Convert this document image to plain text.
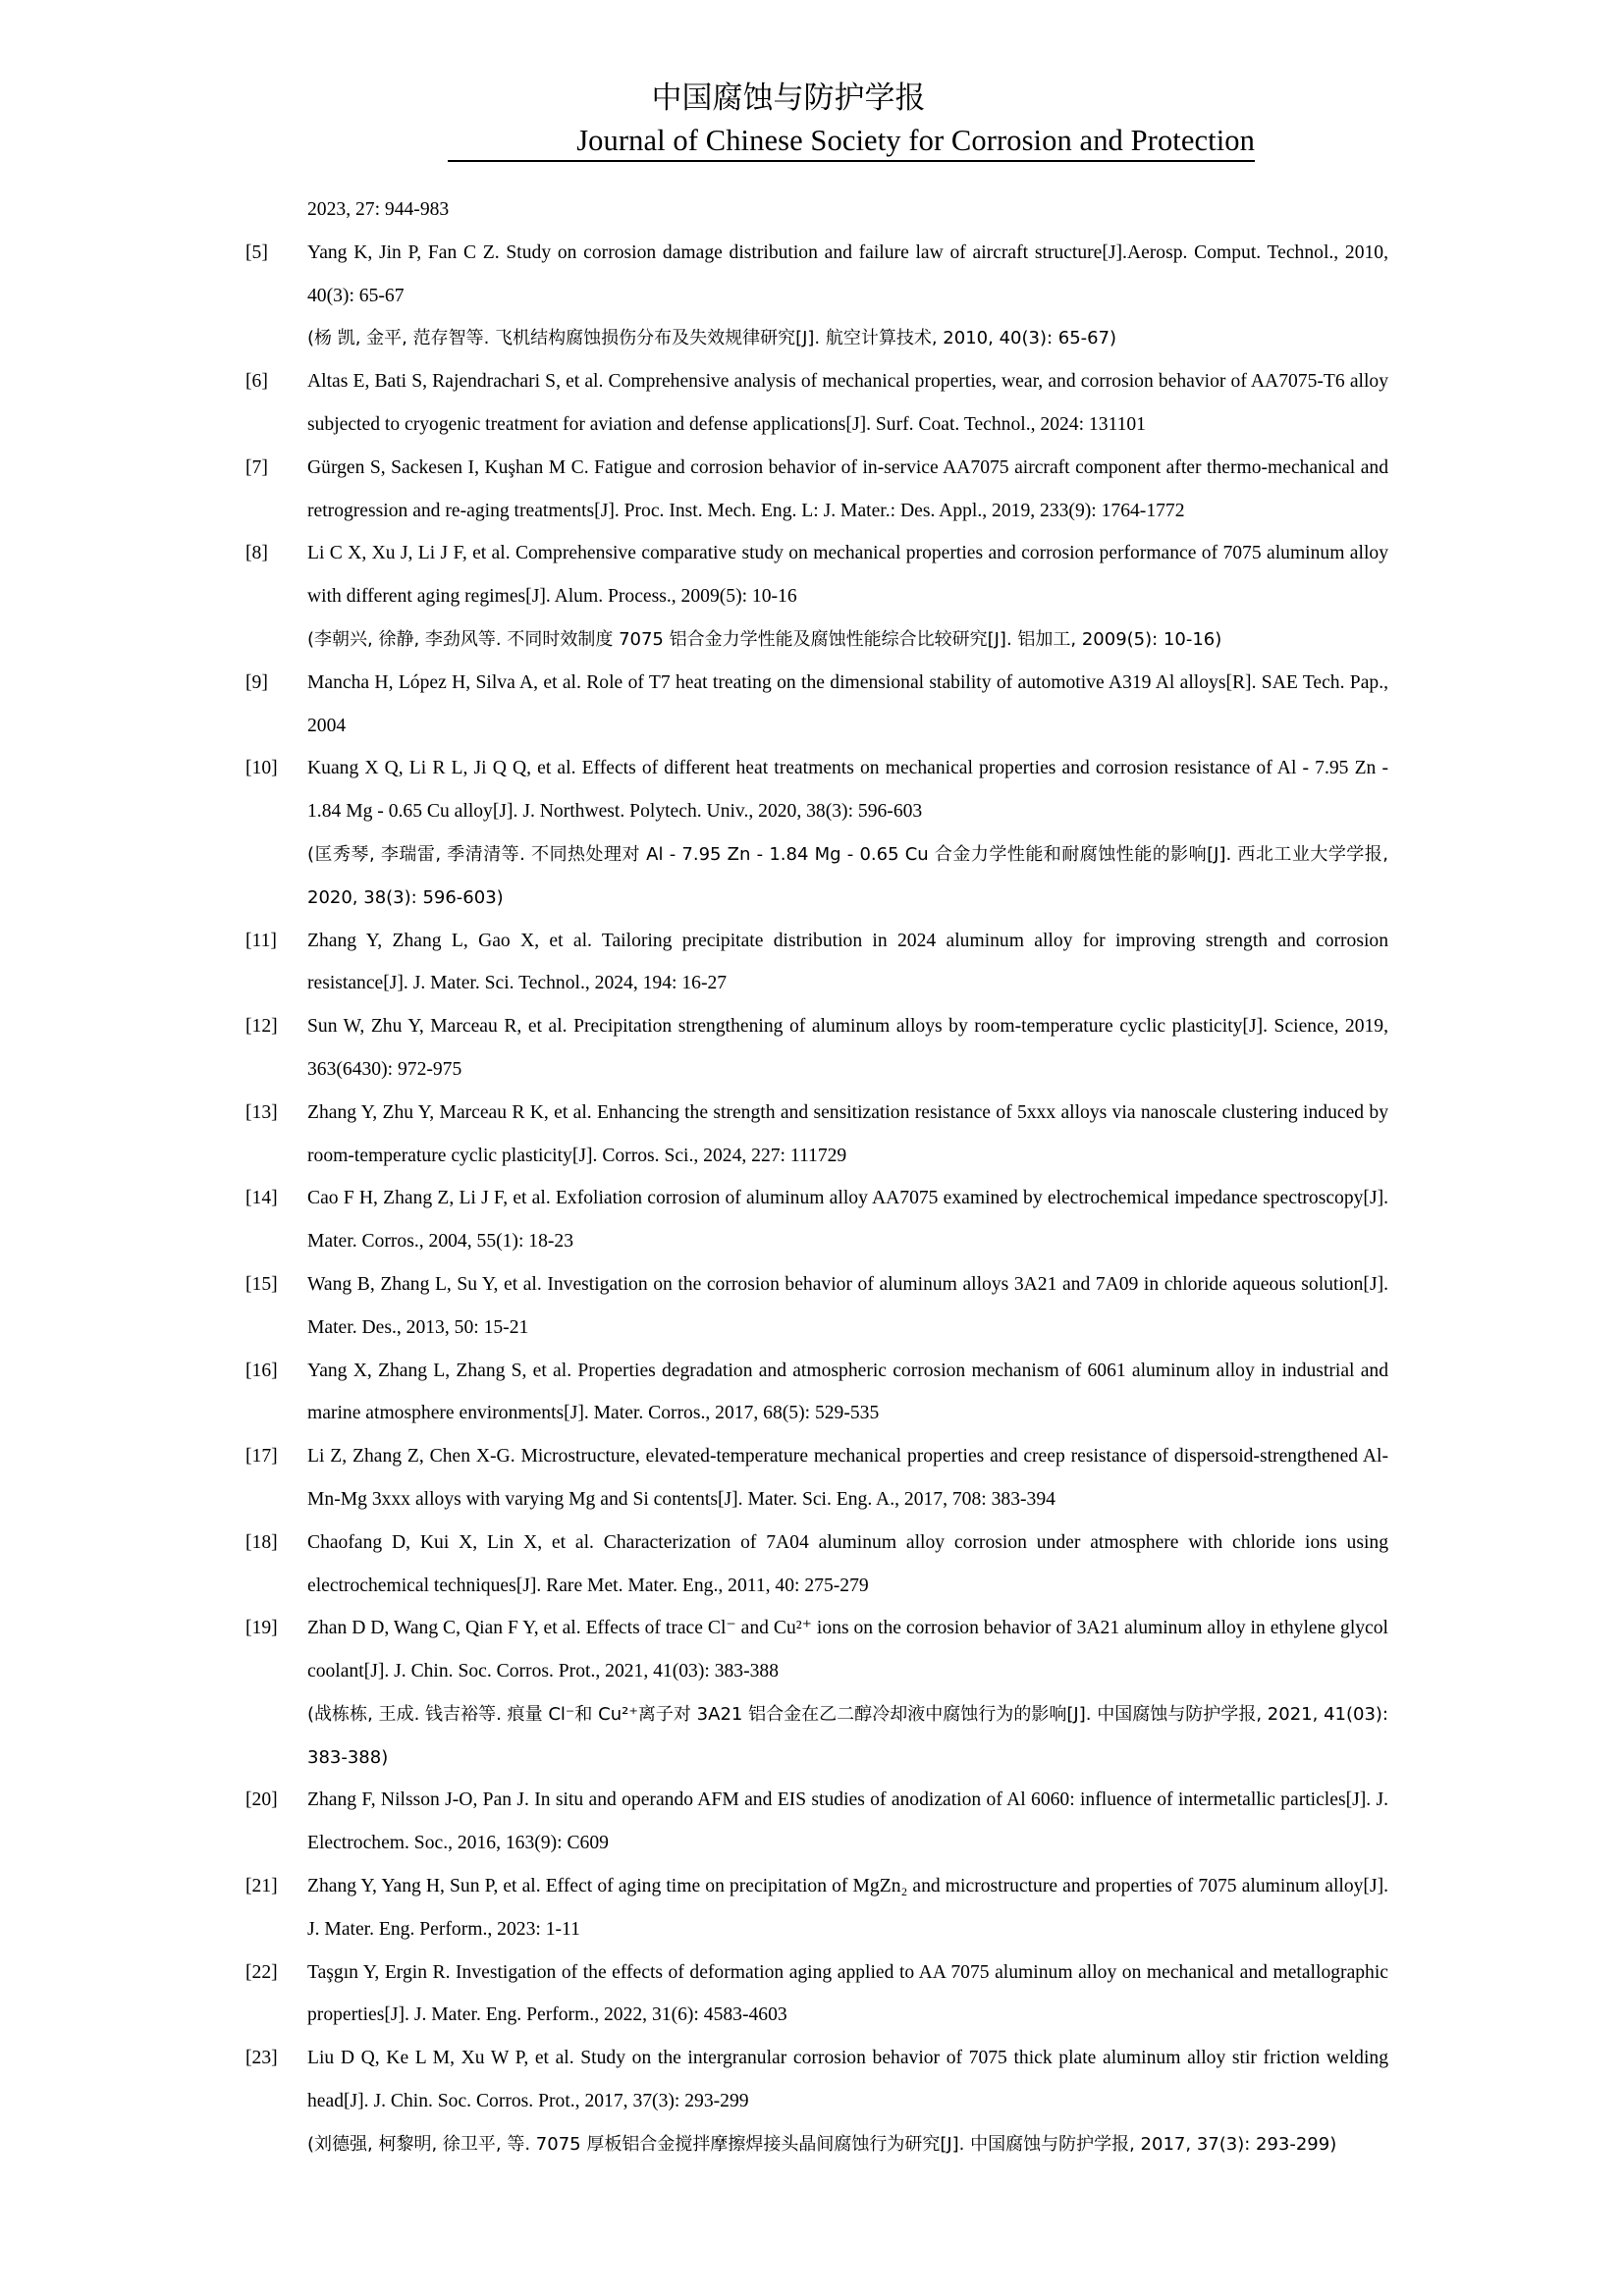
中国腐蚀与防护学报
Journal of Chinese Society for Corrosion and Protection
2023, 27: 944-983
[5] Yang K, Jin P, Fan C Z. Study on corrosion damage distribution and failure law of aircraft structure[J].Aerosp. Comput. Technol., 2010, 40(3): 65-67
(杨 凯, 金平, 范存智等. 飞机结构腐蚀损伤分布及失效规律研究[J]. 航空计算技术, 2010, 40(3): 65-67)
[6] Altas E, Bati S, Rajendrachari S, et al. Comprehensive analysis of mechanical properties, wear, and corrosion behavior of AA7075-T6 alloy subjected to cryogenic treatment for aviation and defense applications[J]. Surf. Coat. Technol., 2024: 131101
[7] Gürgen S, Sackesen I, Kuşhan M C. Fatigue and corrosion behavior of in-service AA7075 aircraft component after thermo-mechanical and retrogression and re-aging treatments[J]. Proc. Inst. Mech. Eng. L: J. Mater.: Des. Appl., 2019, 233(9): 1764-1772
[8] Li C X, Xu J, Li J F, et al. Comprehensive comparative study on mechanical properties and corrosion performance of 7075 aluminum alloy with different aging regimes[J]. Alum. Process., 2009(5): 10-16
(李朝兴, 徐静, 李劲风等. 不同时效制度 7075 铝合金力学性能及腐蚀性能综合比较研究[J]. 铝加工, 2009(5): 10-16)
[9] Mancha H, López H, Silva A, et al. Role of T7 heat treating on the dimensional stability of automotive A319 Al alloys[R]. SAE Tech. Pap., 2004
[10] Kuang X Q, Li R L, Ji Q Q, et al. Effects of different heat treatments on mechanical properties and corrosion resistance of Al - 7.95 Zn - 1.84 Mg - 0.65 Cu alloy[J]. J. Northwest. Polytech. Univ., 2020, 38(3): 596-603
(匡秀琴, 李瑞雷, 季清清等. 不同热处理对 Al - 7.95 Zn - 1.84 Mg - 0.65 Cu 合金力学性能和耐腐蚀性能的影响[J]. 西北工业大学学报, 2020, 38(3): 596-603)
[11] Zhang Y, Zhang L, Gao X, et al. Tailoring precipitate distribution in 2024 aluminum alloy for improving strength and corrosion resistance[J]. J. Mater. Sci. Technol., 2024, 194: 16-27
[12] Sun W, Zhu Y, Marceau R, et al. Precipitation strengthening of aluminum alloys by room-temperature cyclic plasticity[J]. Science, 2019, 363(6430): 972-975
[13] Zhang Y, Zhu Y, Marceau R K, et al. Enhancing the strength and sensitization resistance of 5xxx alloys via nanoscale clustering induced by room-temperature cyclic plasticity[J]. Corros. Sci., 2024, 227: 111729
[14] Cao F H, Zhang Z, Li J F, et al. Exfoliation corrosion of aluminum alloy AA7075 examined by electrochemical impedance spectroscopy[J]. Mater. Corros., 2004, 55(1): 18-23
[15] Wang B, Zhang L, Su Y, et al. Investigation on the corrosion behavior of aluminum alloys 3A21 and 7A09 in chloride aqueous solution[J]. Mater. Des., 2013, 50: 15-21
[16] Yang X, Zhang L, Zhang S, et al. Properties degradation and atmospheric corrosion mechanism of 6061 aluminum alloy in industrial and marine atmosphere environments[J]. Mater. Corros., 2017, 68(5): 529-535
[17] Li Z, Zhang Z, Chen X-G. Microstructure, elevated-temperature mechanical properties and creep resistance of dispersoid-strengthened Al-Mn-Mg 3xxx alloys with varying Mg and Si contents[J]. Mater. Sci. Eng. A., 2017, 708: 383-394
[18] Chaofang D, Kui X, Lin X, et al. Characterization of 7A04 aluminum alloy corrosion under atmosphere with chloride ions using electrochemical techniques[J]. Rare Met. Mater. Eng., 2011, 40: 275-279
[19] Zhan D D, Wang C, Qian F Y, et al. Effects of trace Cl⁻ and Cu²⁺ ions on the corrosion behavior of 3A21 aluminum alloy in ethylene glycol coolant[J]. J. Chin. Soc. Corros. Prot., 2021, 41(03): 383-388
(战栋栋, 王成. 钱吉裕等. 痕量 Cl⁻和 Cu²⁺离子对 3A21 铝合金在乙二醇冷却液中腐蚀行为的影响[J]. 中国腐蚀与防护学报, 2021, 41(03): 383-388)
[20] Zhang F, Nilsson J-O, Pan J. In situ and operando AFM and EIS studies of anodization of Al 6060: influence of intermetallic particles[J]. J. Electrochem. Soc., 2016, 163(9): C609
[21] Zhang Y, Yang H, Sun P, et al. Effect of aging time on precipitation of MgZn₂ and microstructure and properties of 7075 aluminum alloy[J]. J. Mater. Eng. Perform., 2023: 1-11
[22] Taşgın Y, Ergin R. Investigation of the effects of deformation aging applied to AA 7075 aluminum alloy on mechanical and metallographic properties[J]. J. Mater. Eng. Perform., 2022, 31(6): 4583-4603
[23] Liu D Q, Ke L M, Xu W P, et al. Study on the intergranular corrosion behavior of 7075 thick plate aluminum alloy stir friction welding head[J]. J. Chin. Soc. Corros. Prot., 2017, 37(3): 293-299
(刘德强, 柯黎明, 徐卫平, 等. 7075 厚板铝合金搅拌摩擦焊接头晶间腐蚀行为研究[J]. 中国腐蚀与防护学报, 2017, 37(3): 293-299)
